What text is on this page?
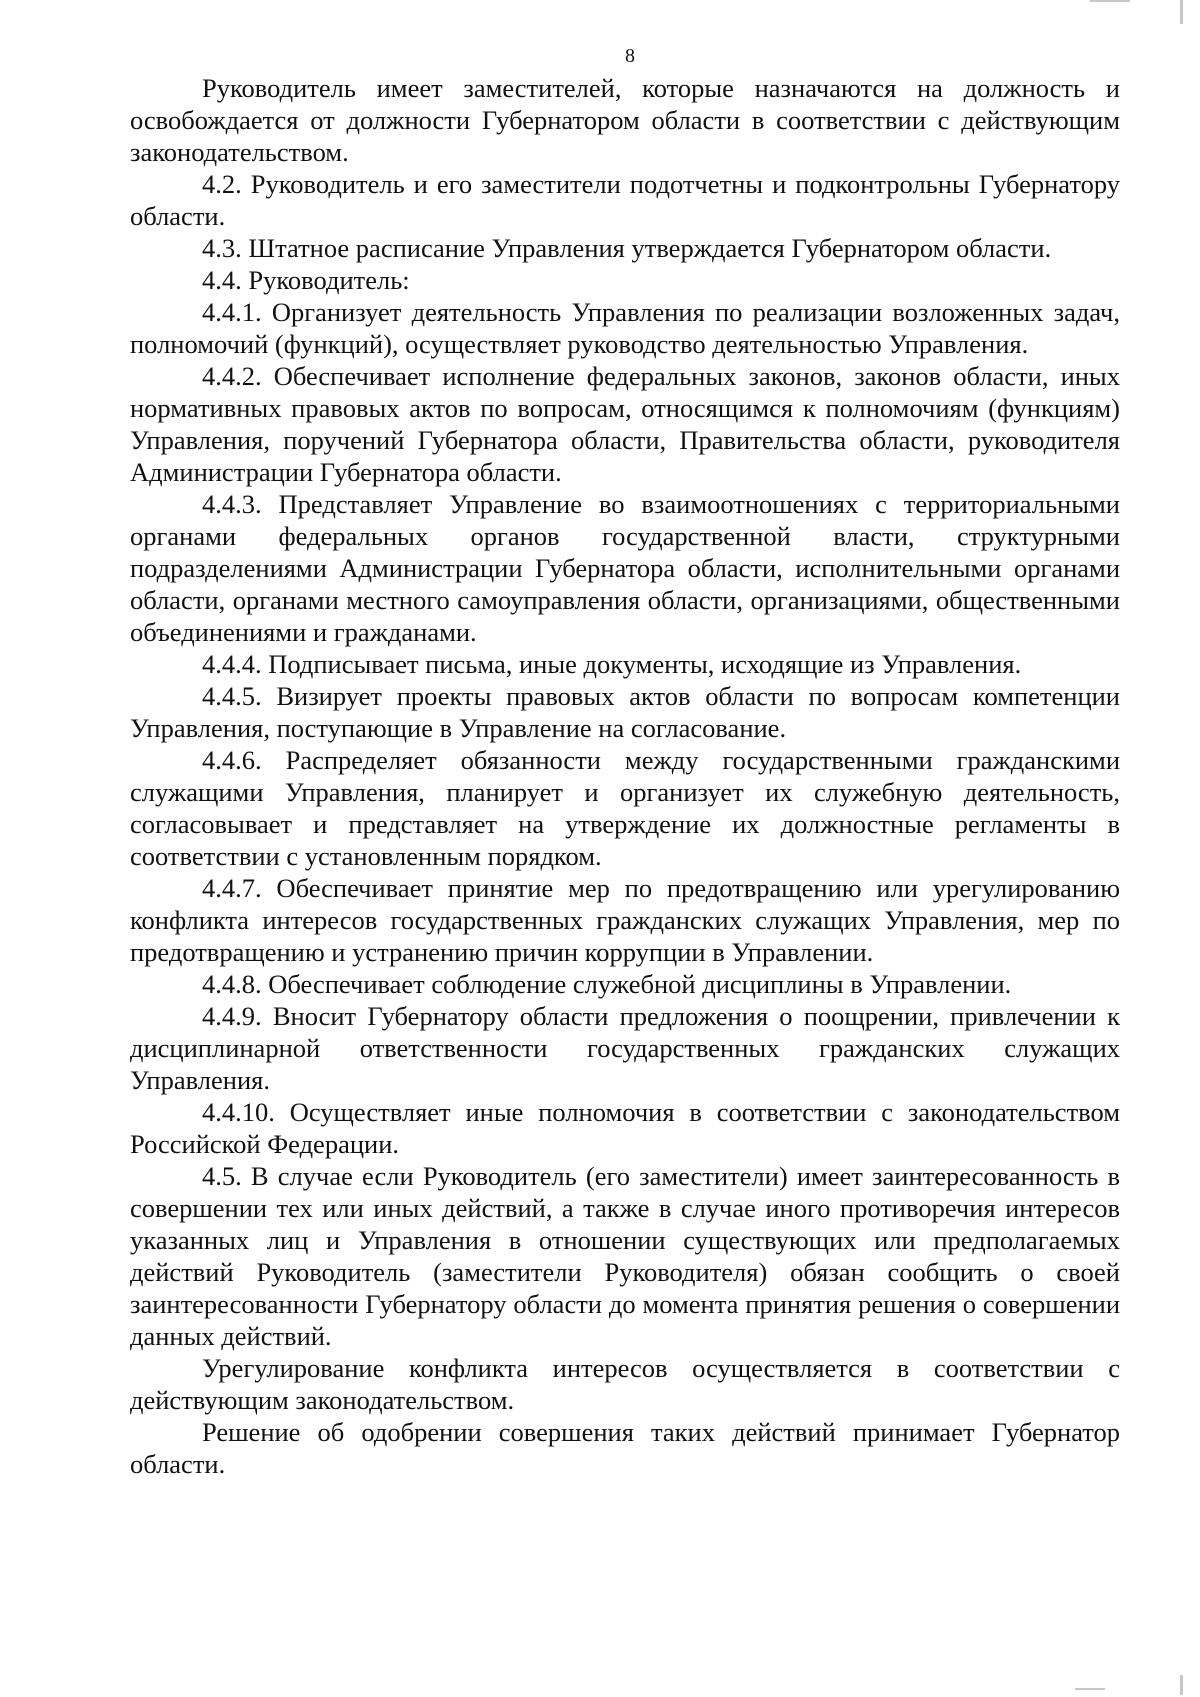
8

Руководитель имеет заместителей, которые назначаются на должность и освобождается от должности Губернатором области в соответствии с действующим законодательством.

4.2. Руководитель и его заместители подотчетны и подконтрольны Губернатору области.

4.3. Штатное расписание Управления утверждается Губернатором области.

4.4. Руководитель:

4.4.1. Организует деятельность Управления по реализации возложенных задач, полномочий (функций), осуществляет руководство деятельностью Управления.

4.4.2. Обеспечивает исполнение федеральных законов, законов области, иных нормативных правовых актов по вопросам, относящимся к полномочиям (функциям) Управления, поручений Губернатора области, Правительства области, руководителя Администрации Губернатора области.

4.4.3. Представляет Управление во взаимоотношениях с территориальными органами федеральных органов государственной власти, структурными подразделениями Администрации Губернатора области, исполнительными органами области, органами местного самоуправления области, организациями, общественными объединениями и гражданами.

4.4.4. Подписывает письма, иные документы, исходящие из Управления.

4.4.5. Визирует проекты правовых актов области по вопросам компетенции Управления, поступающие в Управление на согласование.

4.4.6. Распределяет обязанности между государственными гражданскими служащими Управления, планирует и организует их служебную деятельность, согласовывает и представляет на утверждение их должностные регламенты в соответствии с установленным порядком.

4.4.7. Обеспечивает принятие мер по предотвращению или урегулированию конфликта интересов государственных гражданских служащих Управления, мер по предотвращению и устранению причин коррупции в Управлении.

4.4.8. Обеспечивает соблюдение служебной дисциплины в Управлении.

4.4.9. Вносит Губернатору области предложения о поощрении, привлечении к дисциплинарной ответственности государственных гражданских служащих Управления.

4.4.10. Осуществляет иные полномочия в соответствии с законодательством Российской Федерации.

4.5. В случае если Руководитель (его заместители) имеет заинтересованность в совершении тех или иных действий, а также в случае иного противоречия интересов указанных лиц и Управления в отношении существующих или предполагаемых действий Руководитель (заместители Руководителя) обязан сообщить о своей заинтересованности Губернатору области до момента принятия решения о совершении данных действий.

Урегулирование конфликта интересов осуществляется в соответствии с действующим законодательством.

Решение об одобрении совершения таких действий принимает Губернатор области.
